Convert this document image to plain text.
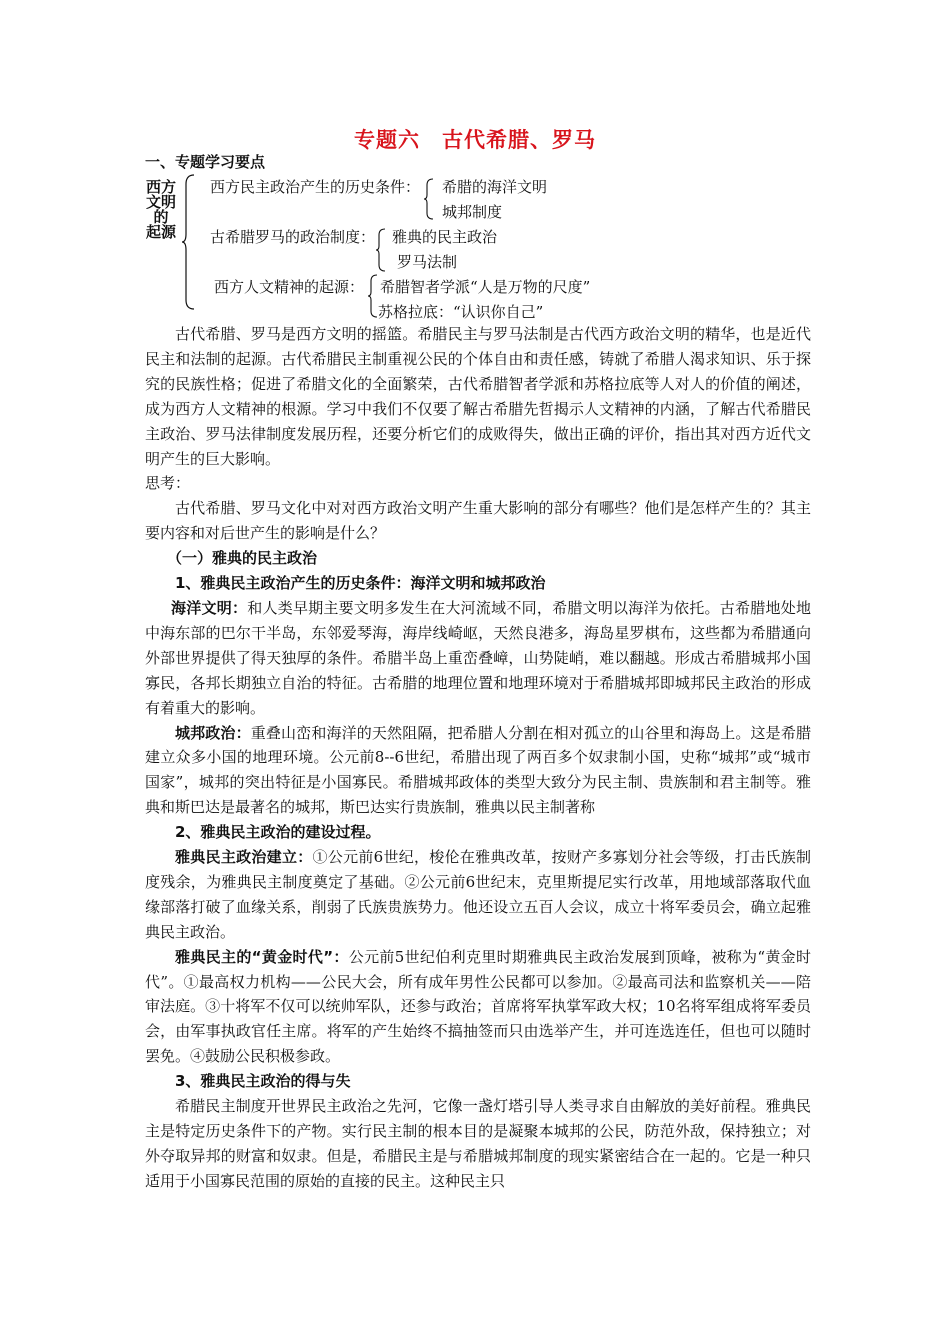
专题六　古代希腊、罗马
一、专题学习要点
西方
文明
的
起源
西方民主政治产生的历史条件： 希腊的海洋文明
城邦制度
古希腊罗马的政治制度： 雅典的民主政治
罗马法制
西方人文精神的起源： 希腊智者学派“人是万物的尺度”
苏格拉底：“认识你自己”

古代希腊、罗马是西方文明的摇篮。希腊民主与罗马法制是古代西方政治文明的精华，也是近代民主和法制的起源。古代希腊民主制重视公民的个体自由和责任感，铸就了希腊人渴求知识、乐于探究的民族性格；促进了希腊文化的全面繁荣，古代希腊智者学派和苏格拉底等人对人的价值的阐述，成为西方人文精神的根源。学习中我们不仅要了解古希腊先哲揭示人文精神的内涵，了解古代希腊民主政治、罗马法律制度发展历程，还要分析它们的成败得失，做出正确的评价，指出其对西方近代文明产生的巨大影响。

思考：

古代希腊、罗马文化中对对西方政治文明产生重大影响的部分有哪些？他们是怎样产生的？其主要内容和对后世产生的影响是什么？

（一）雅典的民主政治

1、雅典民主政治产生的历史条件：海洋文明和城邦政治

海洋文明：和人类早期主要文明多发生在大河流域不同，希腊文明以海洋为依托。古希腊地处地中海东部的巴尔干半岛，东邻爱琴海，海岸线崎岖，天然良港多，海岛星罗棋布，这些都为希腊通向外部世界提供了得天独厚的条件。希腊半岛上重峦叠嶂，山势陡峭，难以翻越。形成古希腊城邦小国寡民，各邦长期独立自治的特征。古希腊的地理位置和地理环境对于希腊城邦即城邦民主政治的形成有着重大的影响。

城邦政治：重叠山峦和海洋的天然阻隔，把希腊人分割在相对孤立的山谷里和海岛上。这是希腊建立众多小国的地理环境。公元前8--6世纪，希腊出现了两百多个奴隶制小国，史称“城邦”或“城市国家”，城邦的突出特征是小国寡民。希腊城邦政体的类型大致分为民主制、贵族制和君主制等。雅典和斯巴达是最著名的城邦，斯巴达实行贵族制，雅典以民主制著称

2、雅典民主政治的建设过程。

雅典民主政治建立：①公元前6世纪，梭伦在雅典改革，按财产多寡划分社会等级，打击氏族制度残余，为雅典民主制度奠定了基础。②公元前6世纪末，克里斯提尼实行改革，用地域部落取代血缘部落打破了血缘关系，削弱了氏族贵族势力。他还设立五百人会议，成立十将军委员会，确立起雅典民主政治。

雅典民主的“黄金时代”：公元前5世纪伯利克里时期雅典民主政治发展到顶峰，被称为“黄金时代”。①最高权力机构——公民大会，所有成年男性公民都可以参加。②最高司法和监察机关——陪审法庭。③十将军不仅可以统帅军队，还参与政治；首席将军执掌军政大权；10名将军组成将军委员会，由军事执政官任主席。将军的产生始终不搞抽签而只由选举产生，并可连选连任，但也可以随时罢免。④鼓励公民积极参政。

3、雅典民主政治的得与失

希腊民主制度开世界民主政治之先河，它像一盏灯塔引导人类寻求自由解放的美好前程。雅典民主是特定历史条件下的产物。实行民主制的根本目的是凝聚本城邦的公民，防范外敌，保持独立；对外夺取异邦的财富和奴隶。但是，希腊民主是与希腊城邦制度的现实紧密结合在一起的。它是一种只适用于小国寡民范围的原始的直接的民主。这种民主只
